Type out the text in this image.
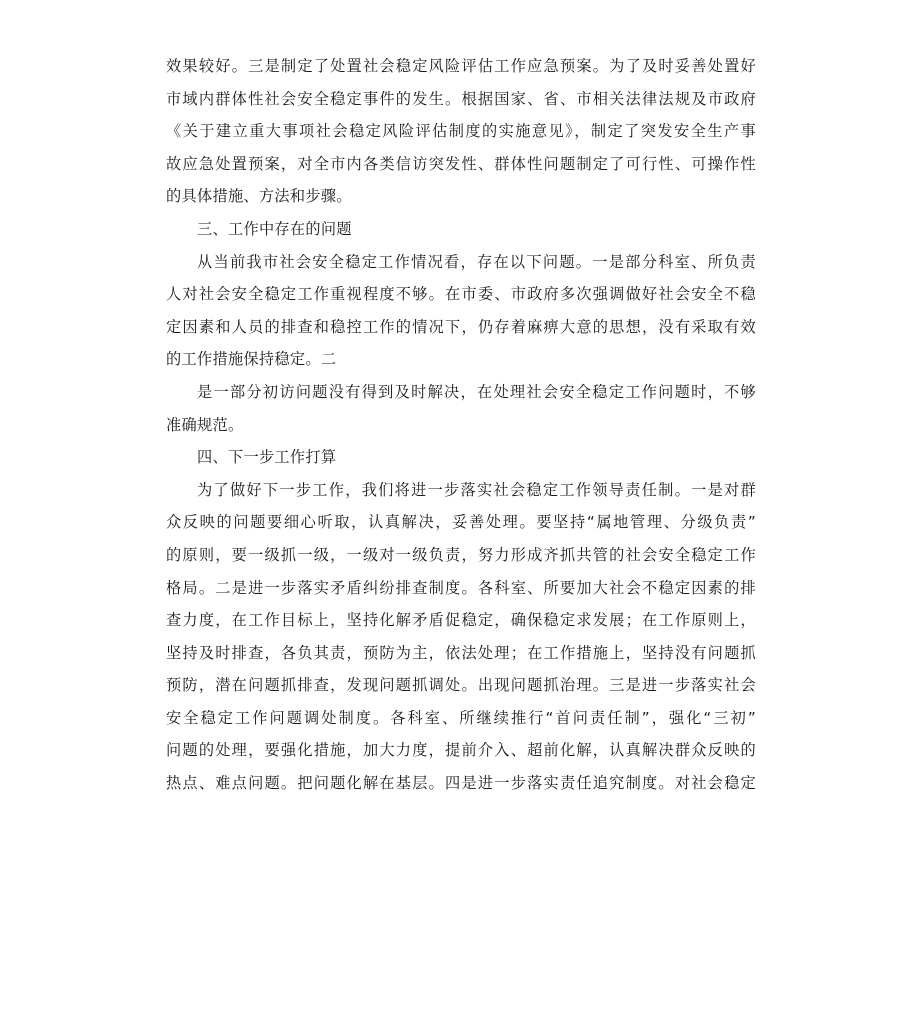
效果较好。三是制定了处置社会稳定风险评估工作应急预案。为了及时妥善处置好
市域内群体性社会安全稳定事件的发生。根据国家、省、市相关法律法规及市政府
《关于建立重大事项社会稳定风险评估制度的实施意见》，制定了突发安全生产事
故应急处置预案，对全市内各类信访突发性、群体性问题制定了可行性、可操作性
的具体措施、方法和步骤。
三、工作中存在的问题
从当前我市社会安全稳定工作情况看，存在以下问题。一是部分科室、所负责
人对社会安全稳定工作重视程度不够。在市委、市政府多次强调做好社会安全不稳
定因素和人员的排查和稳控工作的情况下，仍存着麻痹大意的思想，没有采取有效
的工作措施保持稳定。二
是一部分初访问题没有得到及时解决，在处理社会安全稳定工作问题时，不够
准确规范。
四、下一步工作打算
为了做好下一步工作，我们将进一步落实社会稳定工作领导责任制。一是对群
众反映的问题要细心听取，认真解决，妥善处理。要坚持“属地管理、分级负责”
的原则，要一级抓一级，一级对一级负责，努力形成齐抓共管的社会安全稳定工作
格局。二是进一步落实矛盾纠纷排查制度。各科室、所要加大社会不稳定因素的排
查力度，在工作目标上，坚持化解矛盾促稳定，确保稳定求发展；在工作原则上，
坚持及时排查，各负其责，预防为主，依法处理；在工作措施上，坚持没有问题抓
预防，潜在问题抓排查，发现问题抓调处。出现问题抓治理。三是进一步落实社会
安全稳定工作问题调处制度。各科室、所继续推行“首问责任制”，强化“三初”
问题的处理，要强化措施，加大力度，提前介入、超前化解，认真解决群众反映的
热点、难点问题。把问题化解在基层。四是进一步落实责任追究制度。对社会稳定
